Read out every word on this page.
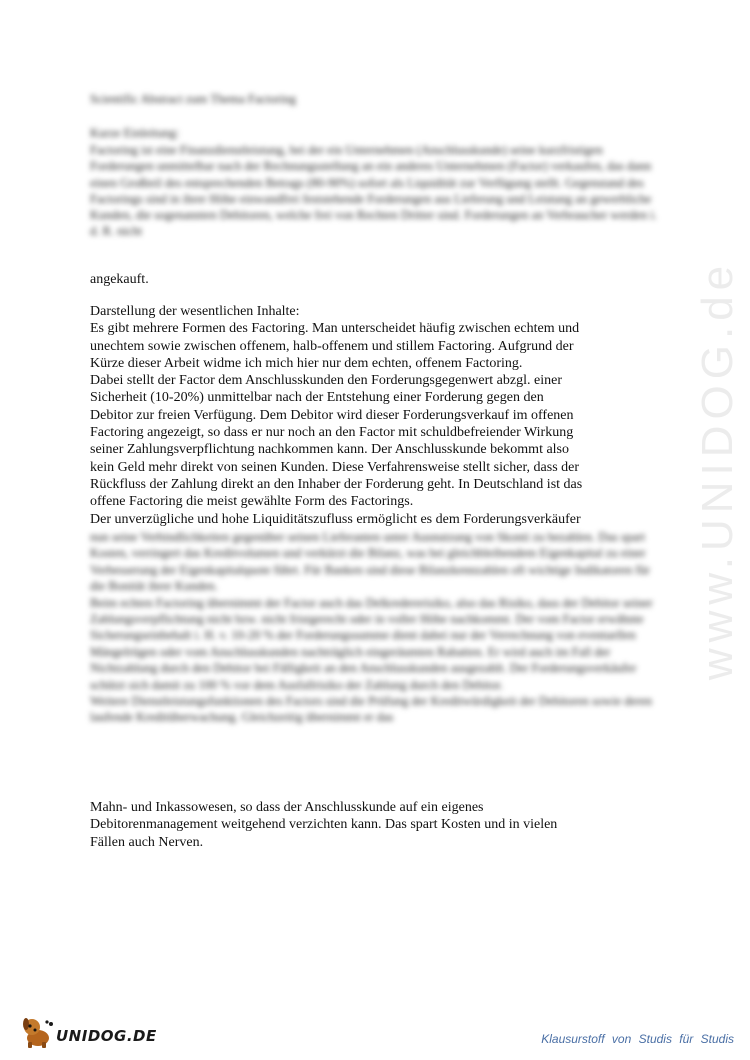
www.UNIDOG.de
Scientific Abstract zum Thema Factoring
Kurze Einleitung:
Factoring ist eine Finanzdienstleistung, bei der ein Unternehmen (Anschlusskunde) seine kurzfristigen Forderungen unmittelbar nach der Rechnungsstellung an ein anderes Unternehmen (Factor) verkaufen, das dann einen Großteil des entsprechenden Betrags (80-90%) sofort als Liquidität zur Verfügung stellt. Gegenstand des Factorings sind in ihrer Höhe einwandfrei feststehende Forderungen aus Lieferung und Leistung an gewerbliche Kunden, die sogenannten Debitoren, welche frei von Rechten Dritter sind. Forderungen an Verbraucher werden i. d. R. nicht
angekauft.
Darstellung der wesentlichen Inhalte:
Es gibt mehrere Formen des Factoring. Man unterscheidet häufig zwischen echtem und
unechtem sowie zwischen offenem, halb-offenem und stillem Factoring. Aufgrund der
Kürze dieser Arbeit widme ich mich hier nur dem echten, offenem Factoring.
Dabei stellt der Factor dem Anschlusskunden den Forderungsgegenwert abzgl. einer
Sicherheit (10-20%) unmittelbar nach der Entstehung einer Forderung gegen den
Debitor zur freien Verfügung. Dem Debitor wird dieser Forderungsverkauf im offenen
Factoring angezeigt, so dass er nur noch an den Factor mit schuldbefreiender Wirkung
seiner Zahlungsverpflichtung nachkommen kann. Der Anschlusskunde bekommt also
kein Geld mehr direkt von seinen Kunden. Diese Verfahrensweise stellt sicher, dass der
Rückfluss der Zahlung direkt an den Inhaber der Forderung geht. In Deutschland ist das
offene Factoring die meist gewählte Form des Factorings.
Der unverzügliche und hohe Liquiditätszufluss ermöglicht es dem Forderungsverkäufer

nun seine Verbindlichkeiten gegenüber seinen Lieferanten unter Ausnutzung von Skonti zu bezahlen. Das spart Kosten, verringert das Kreditvolumen und verkürzt die Bilanz, was bei gleichbleibendem Eigenkapital zu einer Verbesserung der Eigenkapitalquote führt. Für Banken sind diese Bilanzkennzahlen oft wichtige Indikatoren für die Bonität ihrer Kunden.

Beim echten Factoring übernimmt der Factor auch das Delkredererisiko, also das Risiko, dass der Debitor seiner Zahlungsverpflichtung nicht bzw. nicht fristgerecht oder in voller Höhe nachkommt. Der vom Factor erwähnte Sicherungseinbehalt i. H. v. 10-20 % der Forderungssumme dient dabei nur der Verrechnung von eventuellen Mängelrügen oder vom Anschlusskunden nachträglich eingeräumten Rabatten. Er wird auch im Fall der Nichtzahlung durch den Debitor bei Fälligkeit an den Anschlusskunden ausgezahlt. Der Forderungsverkäufer schützt sich damit zu 100 % vor dem Ausfallrisiko der Zahlung durch den Debitor.

Weitere Dienstleistungsfunktionen des Factors sind die Prüfung der Kreditwürdigkeit der Debitoren sowie deren laufende Kreditüberwachung. Gleichzeitig übernimmt er das

Mahn- und Inkassowesen, so dass der Anschlusskunde auf ein eigenes
Debitorenmanagement weitgehend verzichten kann. Das spart Kosten und in vielen
Fällen auch Nerven.
UNIDOG.DE	Klausurstoff von Studis für Studis
